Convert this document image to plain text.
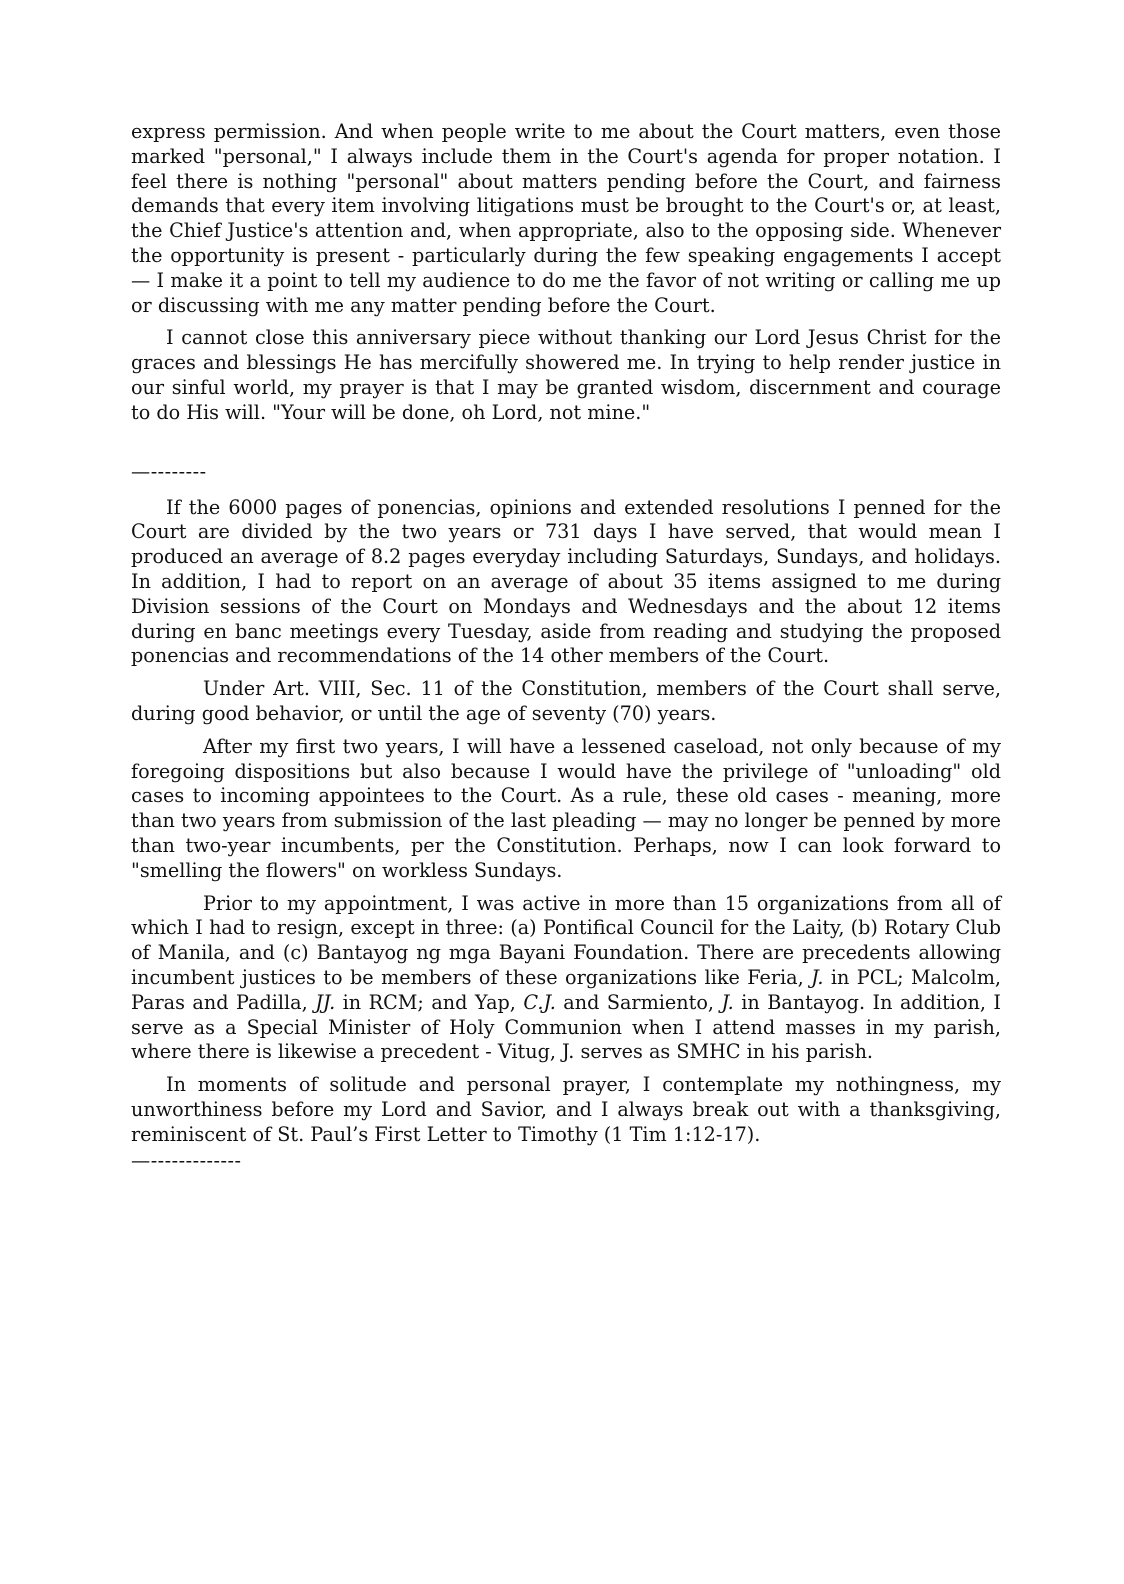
express permission. And when people write to me about the Court matters, even those marked "personal," I always include them in the Court's agenda for proper notation. I feel there is nothing "personal" about matters pending before the Court, and fairness demands that every item involving litigations must be brought to the Court's or, at least, the Chief Justice's attention and, when appropriate, also to the opposing side. Whenever the opportunity is present - particularly during the few speaking engagements I accept — I make it a point to tell my audience to do me the favor of not writing or calling me up or discussing with me any matter pending before the Court.

I cannot close this anniversary piece without thanking our Lord Jesus Christ for the graces and blessings He has mercifully showered me. In trying to help render justice in our sinful world, my prayer is that I may be granted wisdom, discernment and courage to do His will. "Your will be done, oh Lord, not mine."

—--------

If the 6000 pages of ponencias, opinions and extended resolutions I penned for the Court are divided by the two years or 731 days I have served, that would mean I produced an average of 8.2 pages everyday including Saturdays, Sundays, and holidays. In addition, I had to report on an average of about 35 items assigned to me during Division sessions of the Court on Mondays and Wednesdays and the about 12 items during en banc meetings every Tuesday, aside from reading and studying the proposed ponencias and recommendations of the 14 other members of the Court.

Under Art. VIII, Sec. 11 of the Constitution, members of the Court shall serve, during good behavior, or until the age of seventy (70) years.

After my first two years, I will have a lessened caseload, not only because of my foregoing dispositions but also because I would have the privilege of "unloading" old cases to incoming appointees to the Court. As a rule, these old cases - meaning, more than two years from submission of the last pleading — may no longer be penned by more than two-year incumbents, per the Constitution. Perhaps, now I can look forward to "smelling the flowers" on workless Sundays.

Prior to my appointment, I was active in more than 15 organizations from all of which I had to resign, except in three: (a) Pontifical Council for the Laity, (b) Rotary Club of Manila, and (c) Bantayog ng mga Bayani Foundation. There are precedents allowing incumbent justices to be members of these organizations like Feria, J. in PCL; Malcolm, Paras and Padilla, JJ. in RCM; and Yap, C.J. and Sarmiento, J. in Bantayog. In addition, I serve as a Special Minister of Holy Communion when I attend masses in my parish, where there is likewise a precedent - Vitug, J. serves as SMHC in his parish.

In moments of solitude and personal prayer, I contemplate my nothingness, my unworthiness before my Lord and Savior, and I always break out with a thanksgiving, reminiscent of St. Paul’s First Letter to Timothy (1 Tim 1:12-17).

—-------------
